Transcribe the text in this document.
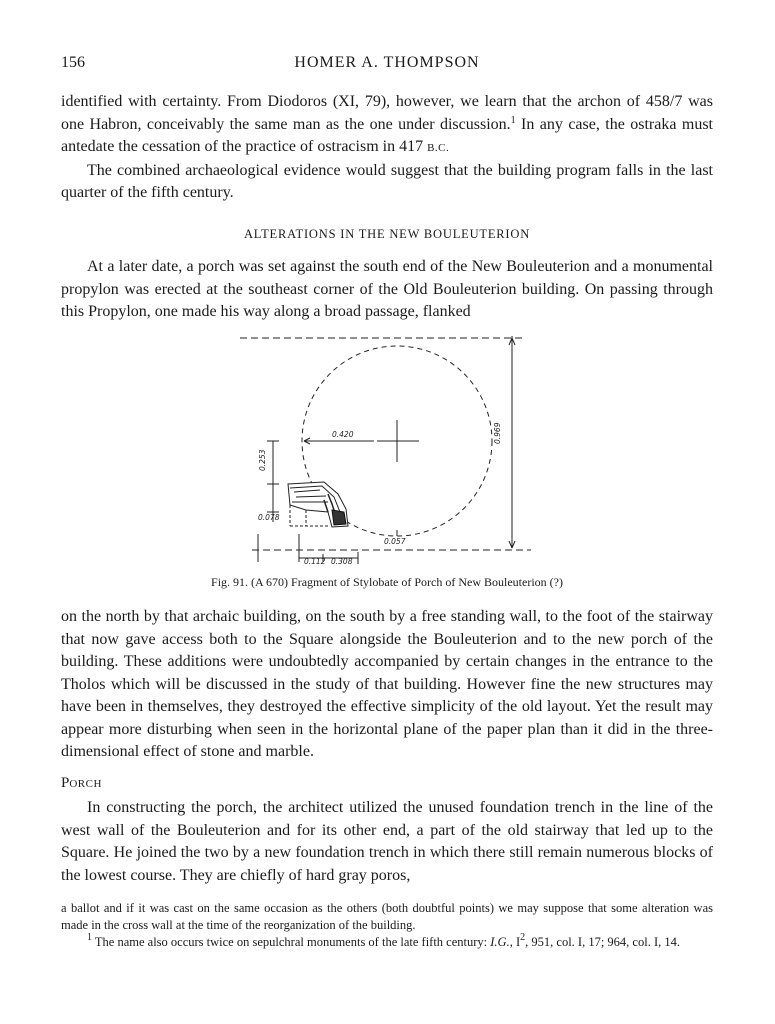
156	HOMER A. THOMPSON

identified with certainty. From Diodoros (XI, 79), however, we learn that the archon of 458/7 was one Habron, conceivably the same man as the one under discussion.$^1$ In any case, the ostraka must antedate the cessation of the practice of ostracism in 417 B.C.

The combined archaeological evidence would suggest that the building program falls in the last quarter of the fifth century.

ALTERATIONS IN THE NEW BOULEUTERION

At a later date, a porch was set against the south end of the New Bouleuterion and a monumental propylon was erected at the southeast corner of the Old Bouleuterion building. On passing through this Propylon, one made his way along a broad passage, flanked

0.420	0.969
0.253
0.078
0.057
0.112 0.308
Fig. 91. (A 670) Fragment of Stylobate of Porch of New Bouleuterion (?)

on the north by that archaic building, on the south by a free standing wall, to the foot of the stairway that now gave access both to the Square alongside the Bouleuterion and to the new porch of the building. These additions were undoubtedly accompanied by certain changes in the entrance to the Tholos which will be discussed in the study of that building. However fine the new structures may have been in themselves, they destroyed the effective simplicity of the old layout. Yet the result may appear more disturbing when seen in the horizontal plane of the paper plan than it did in the three-dimensional effect of stone and marble.

PORCH

In constructing the porch, the architect utilized the unused foundation trench in the line of the west wall of the Bouleuterion and for its other end, a part of the old stairway that led up to the Square. He joined the two by a new foundation trench in which there still remain numerous blocks of the lowest course. They are chiefly of hard gray poros,

a ballot and if it was cast on the same occasion as the others (both doubtful points) we may suppose that some alteration was made in the cross wall at the time of the reorganization of the building.

$^1$ The name also occurs twice on sepulchral monuments of the late fifth century: I.G., $I^2$, 951, col. I, 17; 964, col. I, 14.
